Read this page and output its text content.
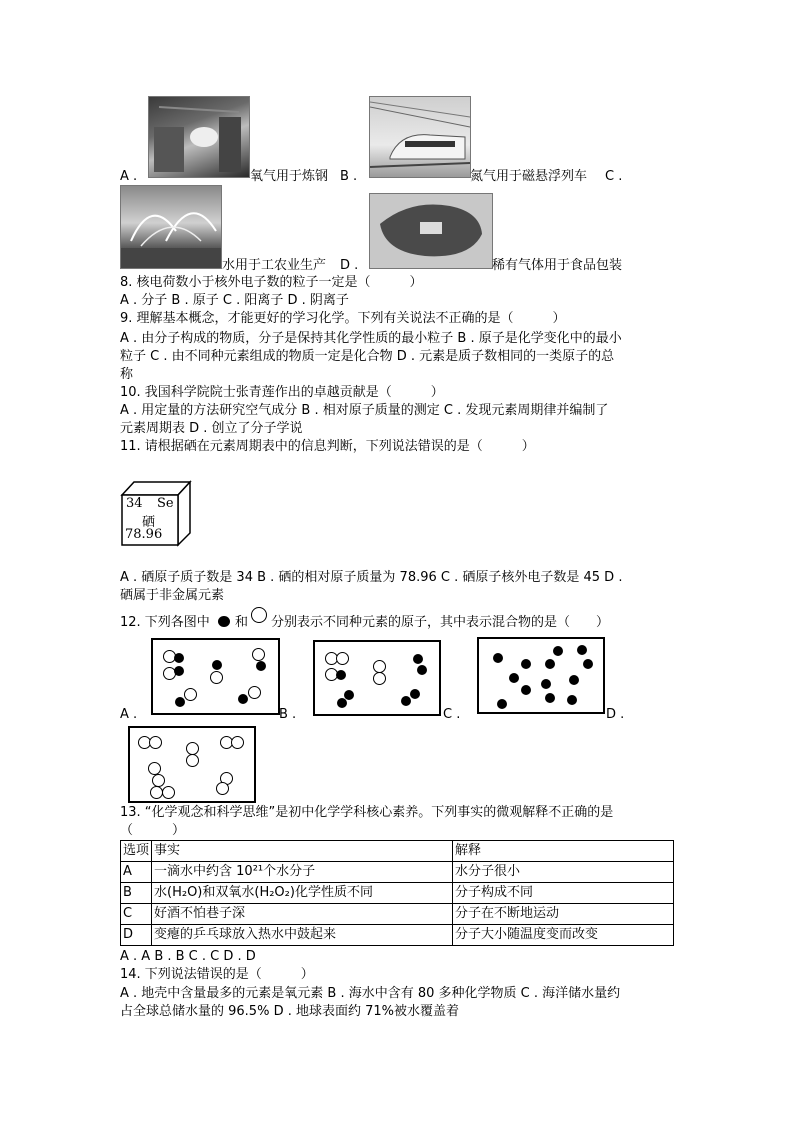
A .	氧气用于炼钢 B .	氮气用于磁悬浮列车 C .
水用于工农业生产 D .	稀有气体用于食品包装
8. 核电荷数小于核外电子数的粒子一定是（　　　）
A . 分子 B . 原子 C . 阳离子 D . 阴离子
9. 理解基本概念，才能更好的学习化学。下列有关说法不正确的是（　　　）
A . 由分子构成的物质，分子是保持其化学性质的最小粒子 B . 原子是化学变化中的最小
粒子 C . 由不同种元素组成的物质一定是化合物 D . 元素是质子数相同的一类原子的总
称
10. 我国科学院院士张青莲作出的卓越贡献是（　　　）
A . 用定量的方法研究空气成分 B . 相对原子质量的测定 C . 发现元素周期律并编制了
元素周期表 D . 创立了分子学说
11. 请根据硒在元素周期表中的信息判断，下列说法错误的是（　　　）
34 Se
硒
78.96
A . 硒原子质子数是 34 B . 硒的相对原子质量为 78.96 C . 硒原子核外电子数是 45 D .
硒属于非金属元素
12. 下列各图中 和 分别表示不同种元素的原子，其中表示混合物的是（　　）
A .	B .	C .	D .
13. “化学观念和科学思维”是初中化学学科核心素养。下列事实的微观解释不正确的是
（　　　）
选项	事实	解释
A	一滴水中约含 10²¹个水分子	水分子很小
B	水(H₂O)和双氧水(H₂O₂)化学性质不同	分子构成不同
C	好酒不怕巷子深	分子在不断地运动
D	变瘪的乒乓球放入热水中鼓起来	分子大小随温度变而改变
A . A B . B C . C D . D
14. 下列说法错误的是（　　　）
A . 地壳中含量最多的元素是氧元素 B . 海水中含有 80 多种化学物质 C . 海洋储水量约
占全球总储水量的 96.5% D . 地球表面约 71%被水覆盖着
